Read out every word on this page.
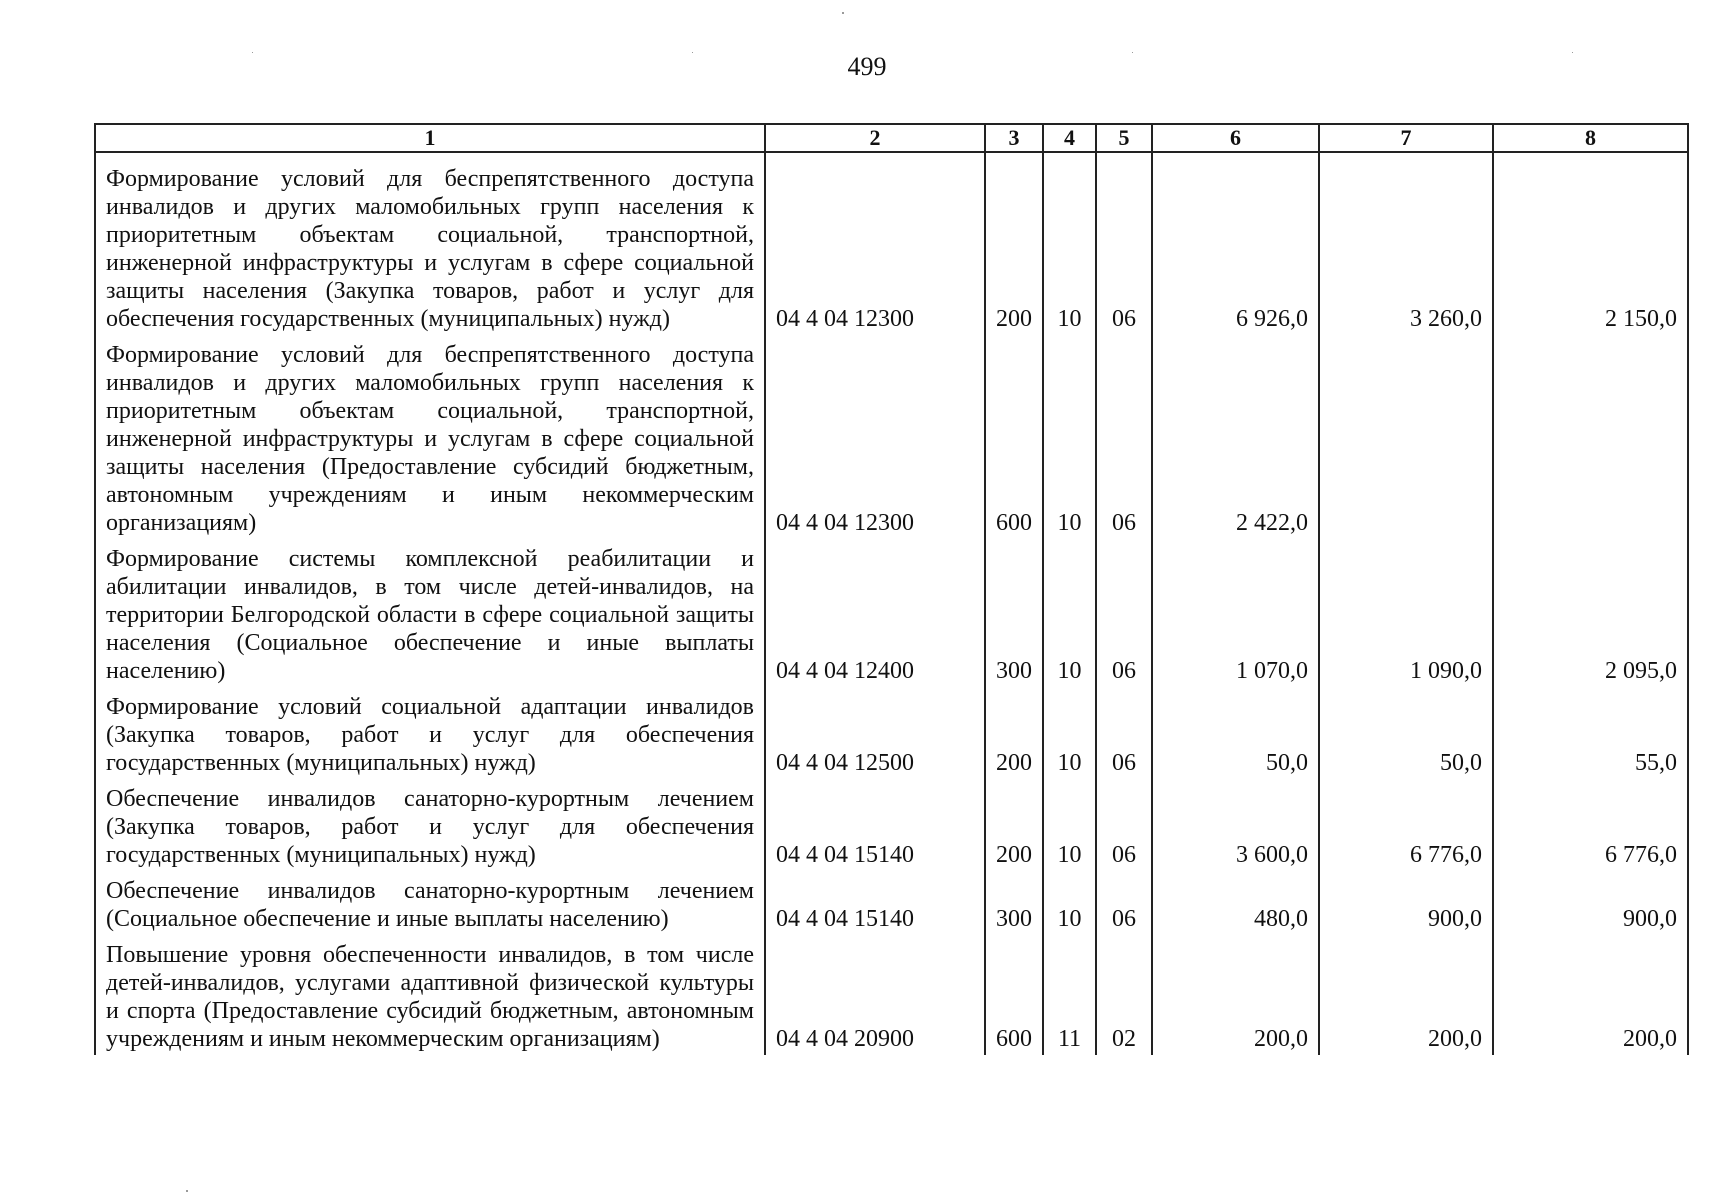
499
1	2	3	4	5	6	7	8
Формирование условий для беспрепятственного доступа инвалидов и других маломобильных групп населения к приоритетным объектам социальной, транспортной, инженерной инфраструктуры и услугам в сфере социальной защиты населения (Закупка товаров, работ и услуг для обеспечения государственных (муниципальных) нужд)	04 4 04 12300	200	10	06	6 926,0	3 260,0	2 150,0
Формирование условий для беспрепятственного доступа инвалидов и других маломобильных групп населения к приоритетным объектам социальной, транспортной, инженерной инфраструктуры и услугам в сфере социальной защиты населения (Предоставление субсидий бюджетным, автономным учреждениям и иным некоммерческим организациям)	04 4 04 12300	600	10	06	2 422,0		
Формирование системы комплексной реабилитации и абилитации инвалидов, в том числе детей-инвалидов, на территории Белгородской области в сфере социальной защиты населения (Социальное обеспечение и иные выплаты населению)	04 4 04 12400	300	10	06	1 070,0	1 090,0	2 095,0
Формирование условий социальной адаптации инвалидов (Закупка товаров, работ и услуг для обеспечения государственных (муниципальных) нужд)	04 4 04 12500	200	10	06	50,0	50,0	55,0
Обеспечение инвалидов санаторно-курортным лечением (Закупка товаров, работ и услуг для обеспечения государственных (муниципальных) нужд)	04 4 04 15140	200	10	06	3 600,0	6 776,0	6 776,0
Обеспечение инвалидов санаторно-курортным лечением (Социальное обеспечение и иные выплаты населению)	04 4 04 15140	300	10	06	480,0	900,0	900,0
Повышение уровня обеспеченности инвалидов, в том числе детей-инвалидов, услугами адаптивной физической культуры и спорта (Предоставление субсидий бюджетным, автономным учреждениям и иным некоммерческим организациям)	04 4 04 20900	600	11	02	200,0	200,0	200,0
